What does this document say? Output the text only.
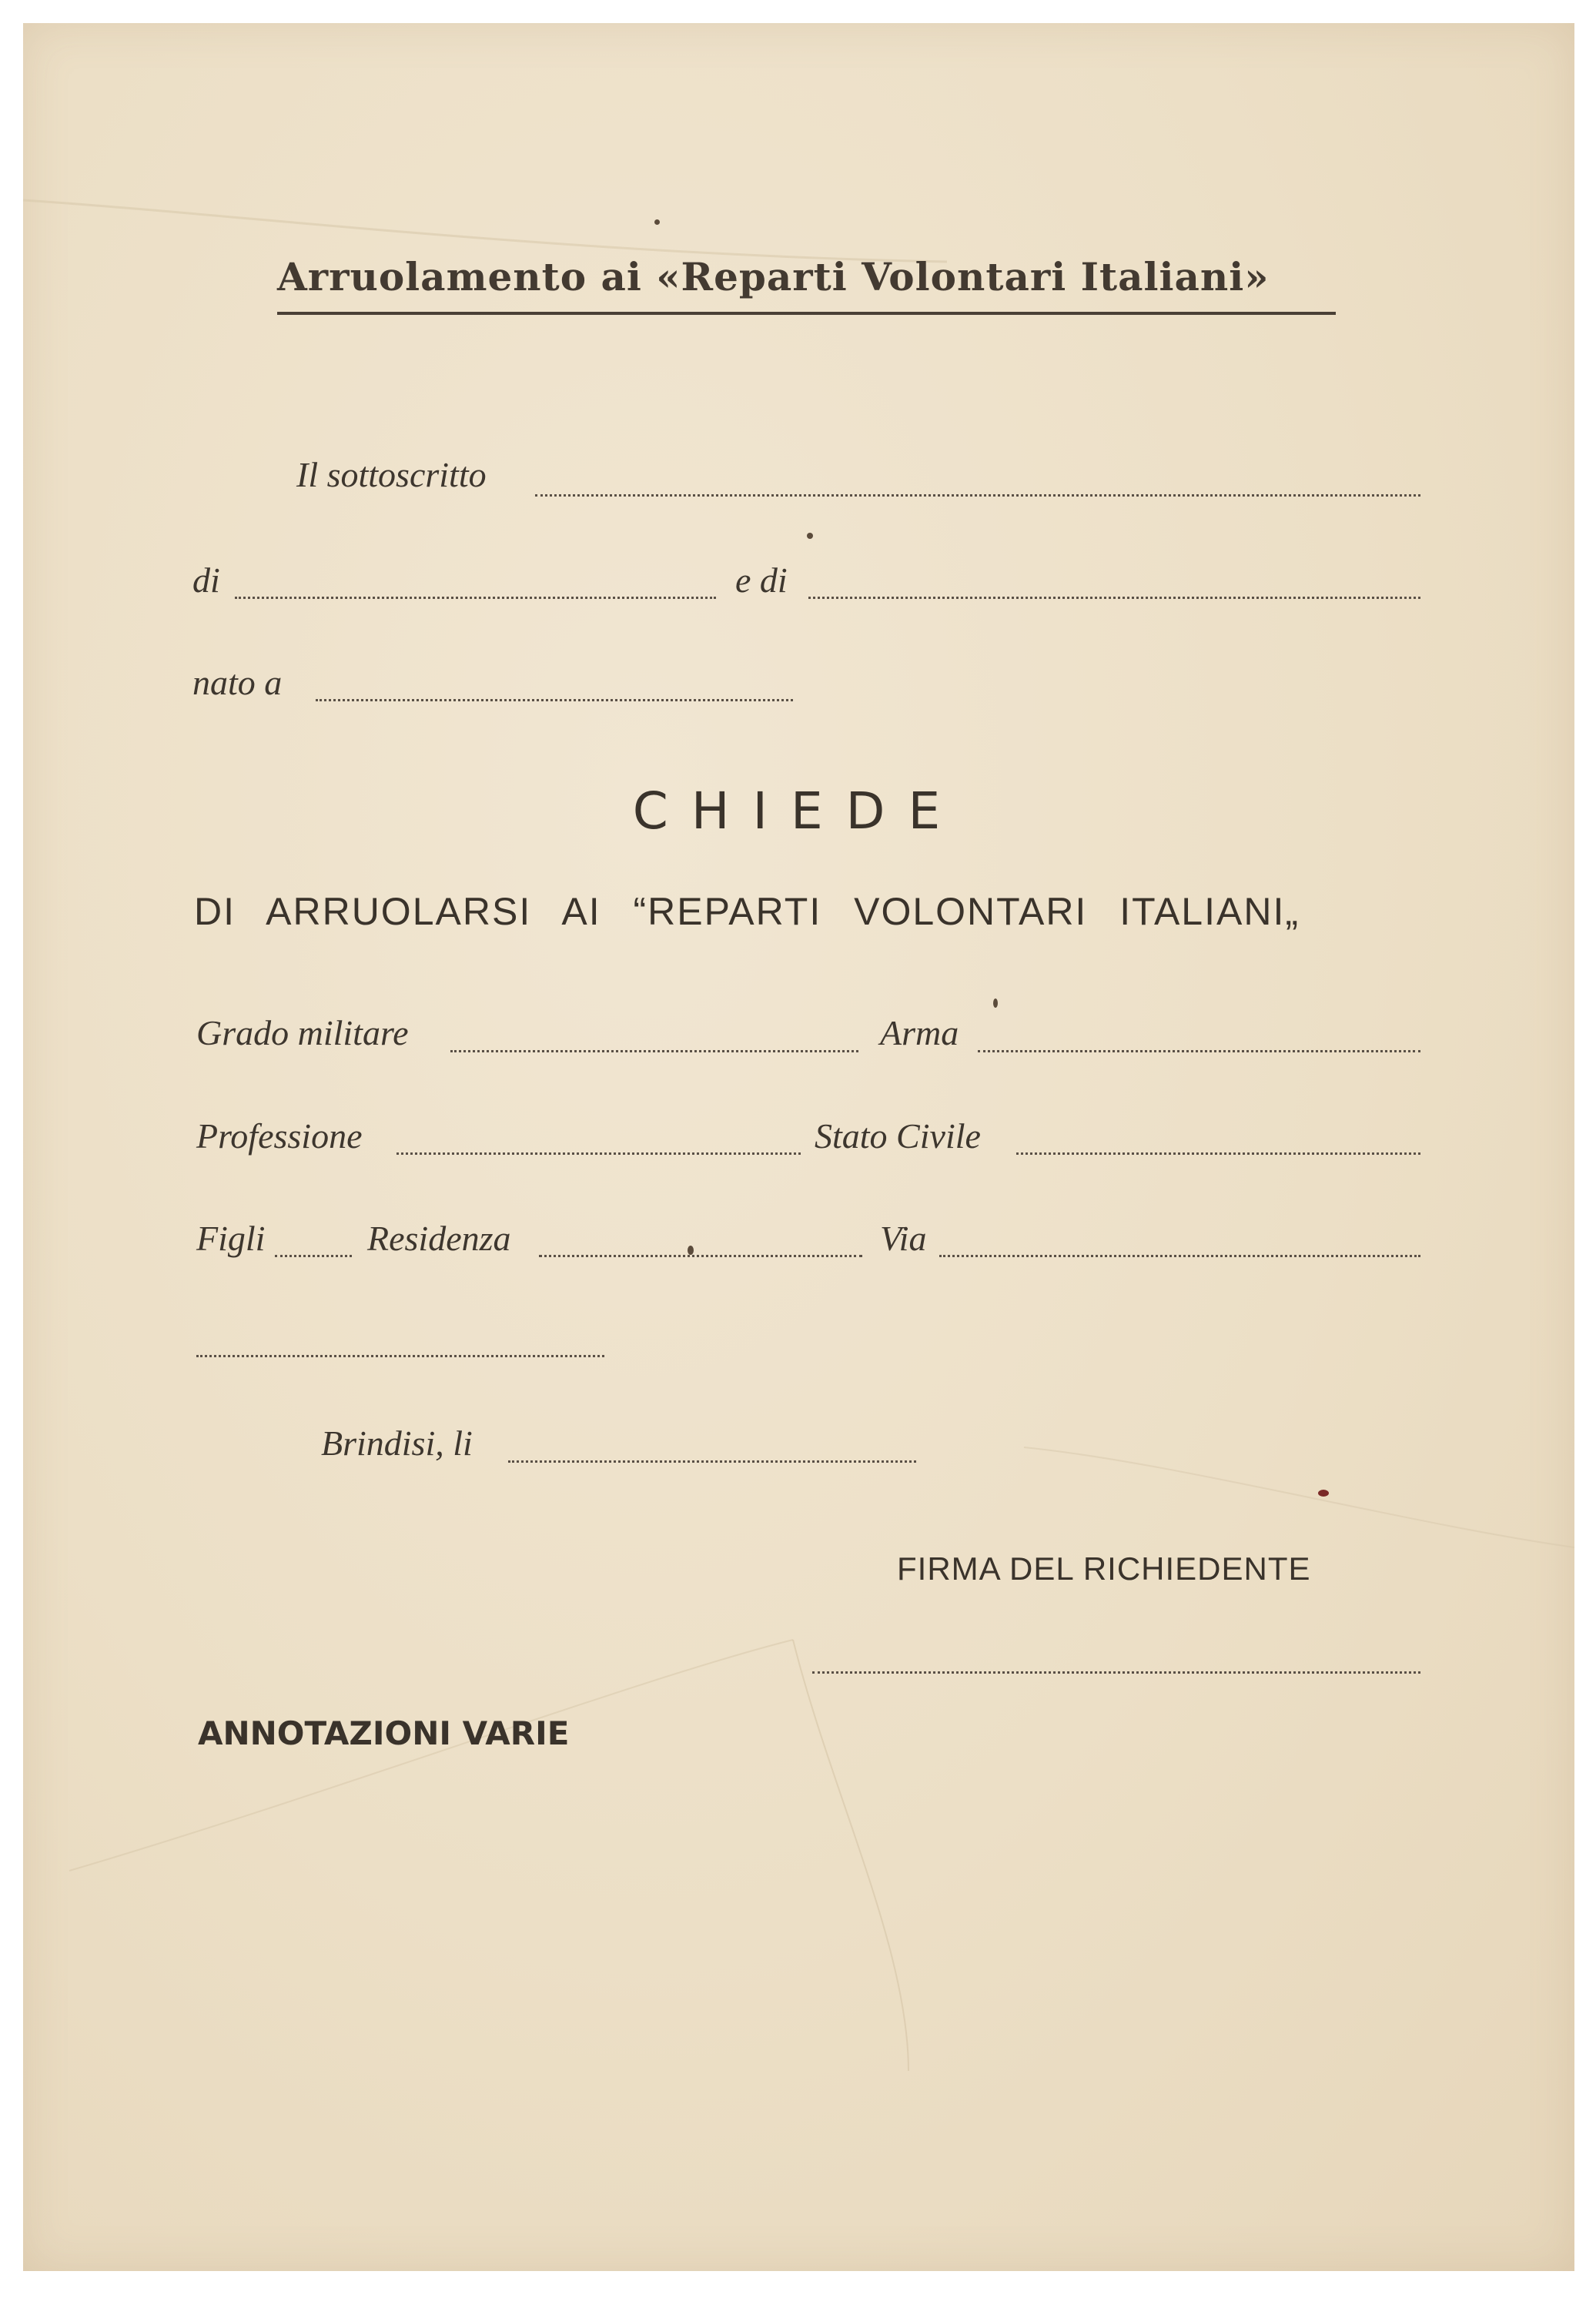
Arruolamento ai «Reparti Volontari Italiani»
Il sottoscritto
di	e di
nato a
CHIEDE
DI ARRUOLARSI AI “REPARTI VOLONTARI ITALIANI„
Grado militare	Arma
Professione	Stato Civile
Figli	Residenza	Via
Brindisi, li
FIRMA DEL RICHIEDENTE
ANNOTAZIONI VARIE
